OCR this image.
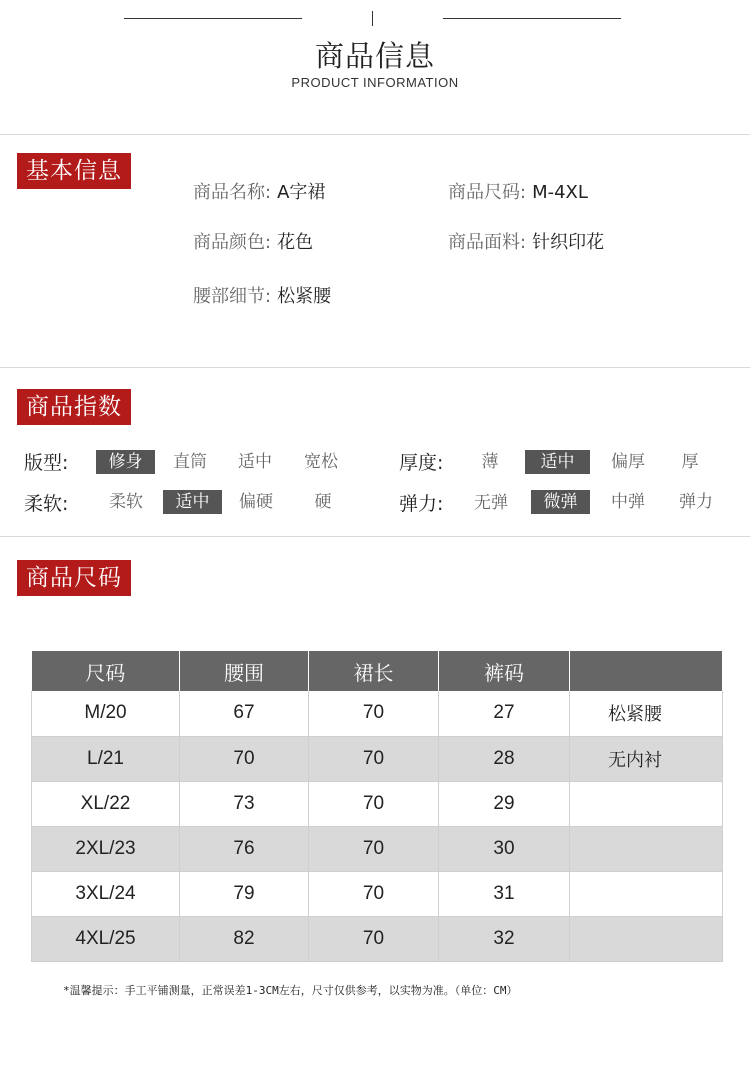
商品信息
PRODUCT INFORMATION
基本信息
商品名称: A字裙	商品尺码: M-4XL
商品颜色: 花色	商品面料: 针织印花
腰部细节: 松紧腰
商品指数
版型:	修身	直筒	适中	宽松	厚度:	薄	适中	偏厚	厚
柔软:	柔软	适中	偏硬	硬	弹力:	无弹	微弹	中弹	弹力
商品尺码
尺码	腰围	裙长	裤码	
M/20	67	70	27	松紧腰
L/21	70	70	28	无内衬
XL/22	73	70	29	
2XL/23	76	70	30	
3XL/24	79	70	31	
4XL/25	82	70	32	
*温馨提示：手工平铺测量，正常误差1-3CM左右，尺寸仅供参考，以实物为准。（单位：CM）
